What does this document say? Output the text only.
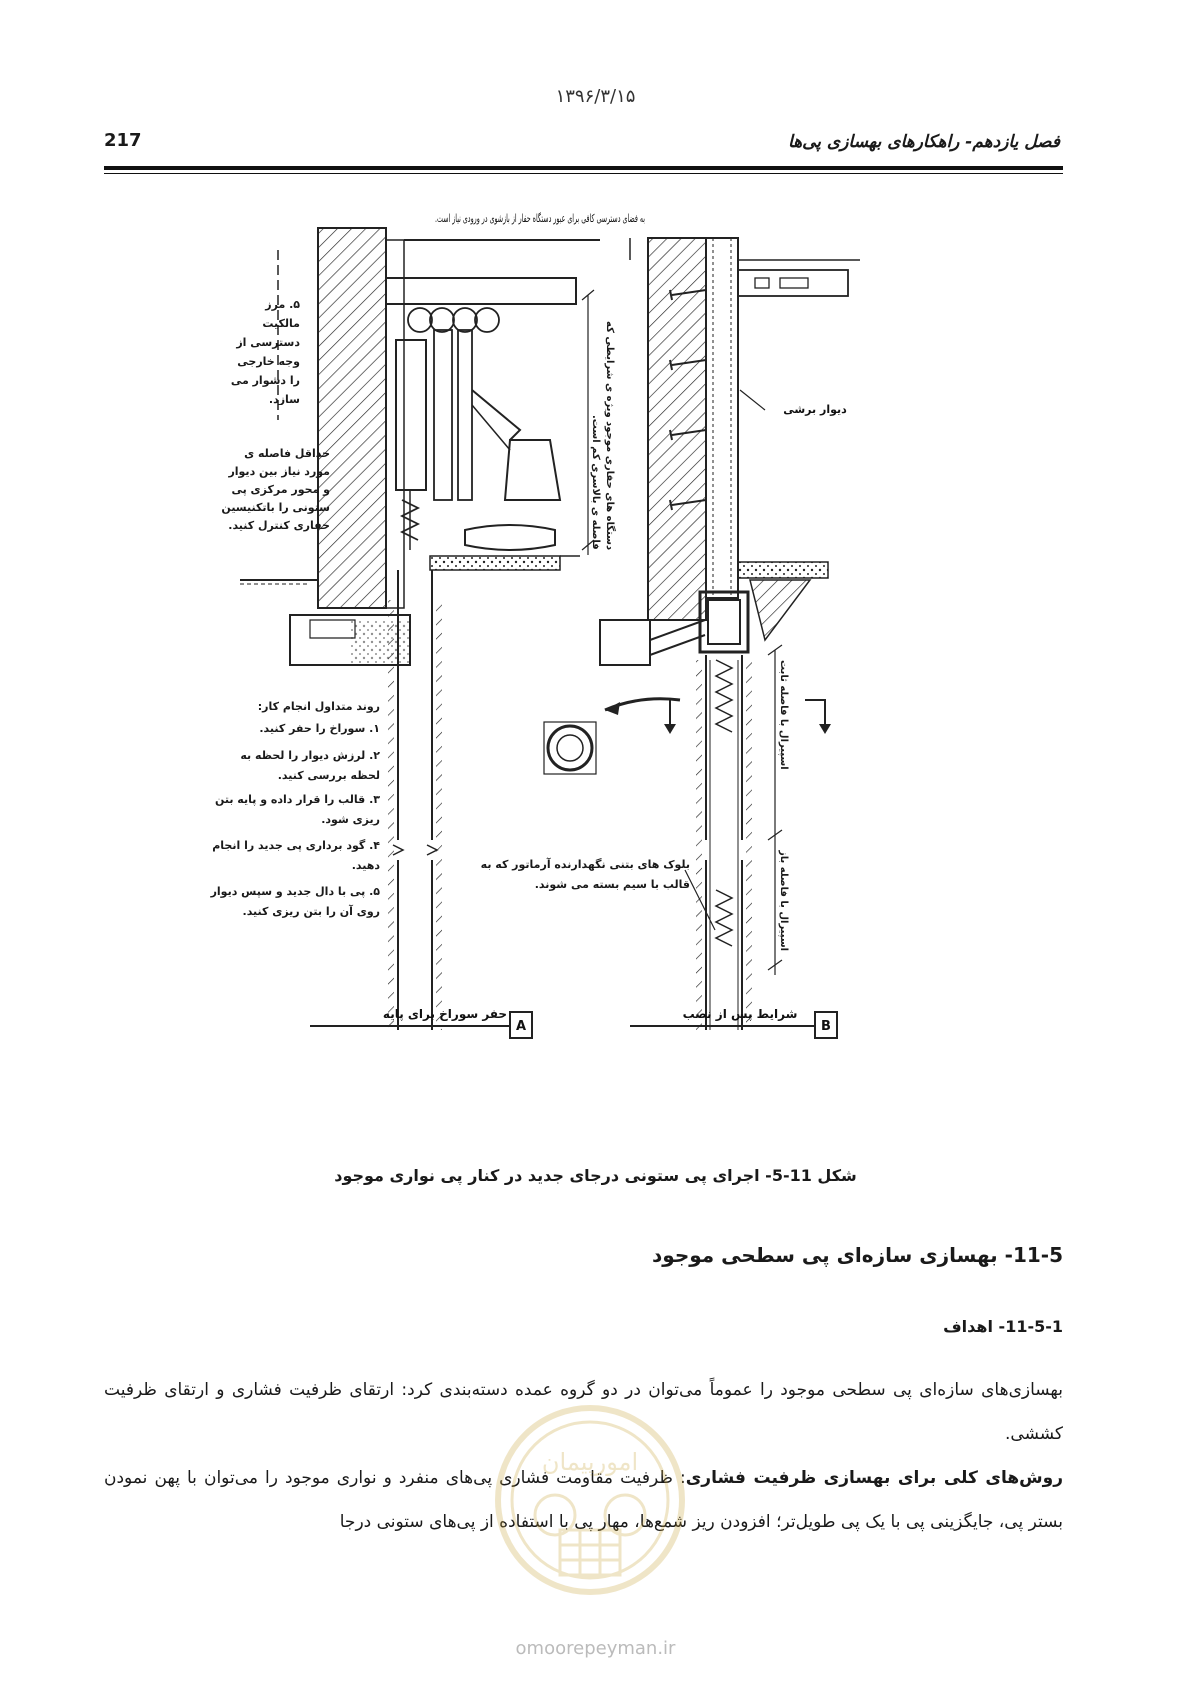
۱۳۹۶/۳/۱۵
217	فصل یازدهم- راهکارهای بهسازی پی‌ها
به فضای دسترسی کافی برای عبور دستگاه حفار از بازشوی در ورودی نیاز است.
۵. مرز مالکیت دسترسی از وجه خارجی را دشوار می سازد.
حداقل فاصله ی مورد نیاز بین دیوار و محور مرکزی پی ستونی را باتکنیسین حفاری کنترل کنید.	دستگاه های حفاری موجود ویژه ی شرایطی که فاصله ی بالاسری کم است.
روند متداول انجام کار:
۱. سوراخ را حفر کنید.
۲. لرزش دیوار را لحظه به لحظه بررسی کنید.
۳. قالب را قرار داده و پایه بتن ریزی شود.
۴. گود برداری پی جدید را انجام دهید.
۵. پی با دال جدید و سپس دیوار روی آن را بتن ریزی کنید.
حفر سوراخ برای پایه
A
اسپیرال با فاصله ثابت
اسپیرال با فاصله باز
دیوار برشی
بلوک های بتنی نگهدارنده آرماتور که به قالب با سیم بسته می شوند.
شرایط پس از نصب
B
شکل 11-5- اجرای پی ستونی درجای جدید در کنار پی نواری موجود
11-5- بهسازی سازه‌ای پی سطحی موجود
11-5-1- اهداف
بهسازی‌های سازه‌ای پی سطحی موجود را عموماً می‌توان در دو گروه عمده دسته‌بندی کرد: ارتقای ظرفیت فشاری و ارتقای ظرفیت کششی.
روش‌های کلی برای بهسازی ظرفیت فشاری: ظرفیت مقاومت فشاری پی‌های منفرد و نواری موجود را می‌توان با پهن نمودن بستر پی، جایگزینی پی با یک پی طویل‌تر؛ افزودن ریز شمع‌ها، مهار پی با استفاده از پی‌های ستونی درجا
امورپیمان
omoorepeyman.ir
